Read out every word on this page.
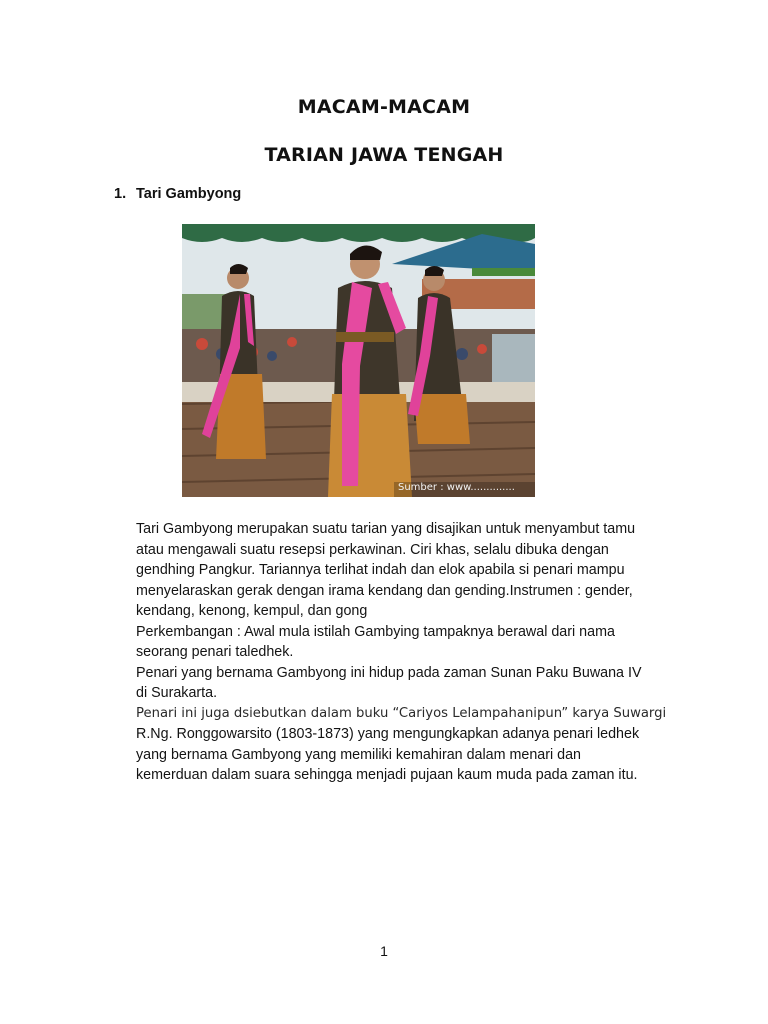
MACAM-MACAM
TARIAN JAWA TENGAH
1. Tari Gambyong
Sumber : www..............

Tari Gambyong merupakan suatu tarian yang disajikan untuk menyambut tamu

atau mengawali suatu resepsi perkawinan. Ciri khas, selalu dibuka dengan

gendhing Pangkur. Tariannya terlihat indah dan elok apabila si penari mampu

menyelaraskan gerak dengan irama kendang dan gending.Instrumen : gender,

kendang, kenong, kempul, dan gong

Perkembangan : Awal mula istilah Gambying tampaknya berawal dari nama

seorang penari taledhek.

Penari yang bernama Gambyong ini hidup pada zaman Sunan Paku Buwana IV

di Surakarta.

Penari ini juga dsiebutkan dalam buku “Cariyos Lelampahanipun” karya Suwargi

R.Ng. Ronggowarsito (1803-1873) yang mengungkapkan adanya penari ledhek

yang bernama Gambyong yang memiliki kemahiran dalam menari dan

kemerduan dalam suara sehingga menjadi pujaan kaum muda pada zaman itu.

1
